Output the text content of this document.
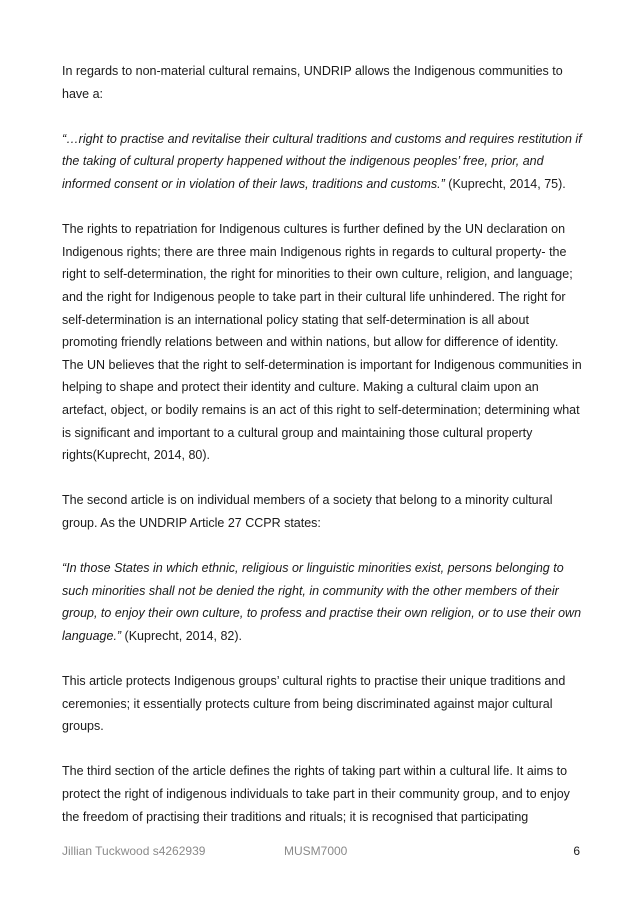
In regards to non-material cultural remains, UNDRIP allows the Indigenous communities to have a:

“…right to practise and revitalise their cultural traditions and customs and requires restitution if the taking of cultural property happened without the indigenous peoples’ free, prior, and informed consent or in violation of their laws, traditions and customs.” (Kuprecht, 2014, 75).

The rights to repatriation for Indigenous cultures is further defined by the UN declaration on Indigenous rights; there are three main Indigenous rights in regards to cultural property- the right to self-determination, the right for minorities to their own culture, religion, and language; and the right for Indigenous people to take part in their cultural life unhindered. The right for self-determination is an international policy stating that self-determination is all about promoting friendly relations between and within nations, but allow for difference of identity. The UN believes that the right to self-determination is important for Indigenous communities in helping to shape and protect their identity and culture. Making a cultural claim upon an artefact, object, or bodily remains is an act of this right to self-determination; determining what is significant and important to a cultural group and maintaining those cultural property rights(Kuprecht, 2014, 80).

The second article is on individual members of a society that belong to a minority cultural group. As the UNDRIP Article 27 CCPR states:

“In those States in which ethnic, religious or linguistic minorities exist, persons belonging to such minorities shall not be denied the right, in community with the other members of their group, to enjoy their own culture, to profess and practise their own religion, or to use their own language.” (Kuprecht, 2014, 82).

This article protects Indigenous groups’ cultural rights to practise their unique traditions and ceremonies; it essentially protects culture from being discriminated against major cultural groups.

The third section of the article defines the rights of taking part within a cultural life. It aims to protect the right of indigenous individuals to take part in their community group, and to enjoy the freedom of practising their traditions and rituals; it is recognised that participating

Jillian Tuckwood s4262939	MUSM7000	6
